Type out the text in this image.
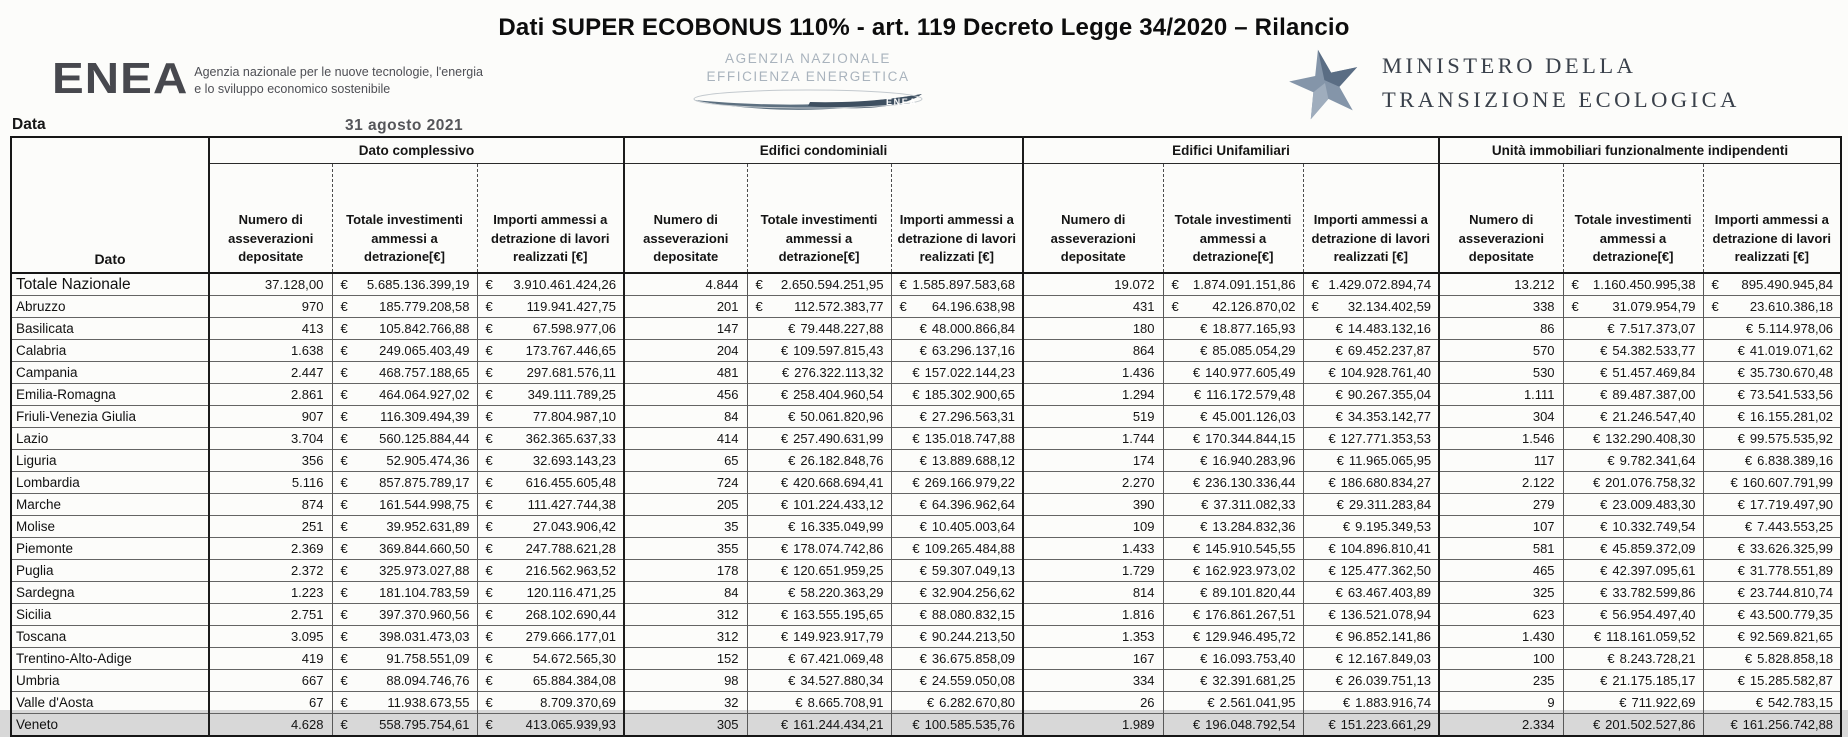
Dati SUPER ECOBONUS 110% - art. 119 Decreto Legge 34/2020 – Rilancio
ENEA Agenzia nazionale per le nuove tecnologie, l'energia
e lo sviluppo economico sostenibile
AGENZIA NAZIONALE
EFFICIENZA ENERGETICA
ENEA
MINISTERO DELLA
TRANSIZIONE ECOLOGICA
Data	31 agosto 2021
Dato	Dato complessivo			Edifici condominiali			Edifici Unifamiliari			Unità immobiliari funzionalmente indipendenti		
	Numero di asseverazioni depositate	Totale investimenti ammessi a detrazione[€]	Importi ammessi a detrazione di lavori realizzati [€]	Numero di asseverazioni depositate	Totale investimenti ammessi a detrazione[€]	Importi ammessi a detrazione di lavori realizzati [€]	Numero di asseverazioni depositate	Totale investimenti ammessi a detrazione[€]	Importi ammessi a detrazione di lavori realizzati [€]	Numero di asseverazioni depositate	Totale investimenti ammessi a detrazione[€]	Importi ammessi a detrazione di lavori realizzati [€]
Totale Nazionale	37.128,00	€ 5.685.136.399,19	€ 3.910.461.424,26	4.844	€ 2.650.594.251,95	€ 1.585.897.583,68	19.072	€ 1.874.091.151,86	€ 1.429.072.894,74	13.212	€ 1.160.450.995,38	€ 895.490.945,84

Abruzzo	970	€ 185.779.208,58	€ 119.941.427,75	201	€ 112.572.383,77	€ 64.196.638,98	431	€ 42.126.870,02	€ 32.134.402,59	338	€ 31.079.954,79	€ 23.610.386,18

Basilicata	413	€ 105.842.766,88	€ 67.598.977,06	147	€ 79.448.227,88	€ 48.000.866,84	180	€ 18.877.165,93	€ 14.483.132,16	86	€ 7.517.373,07	€ 5.114.978,06

Calabria	1.638	€ 249.065.403,49	€ 173.767.446,65	204	€ 109.597.815,43	€ 63.296.137,16	864	€ 85.085.054,29	€ 69.452.237,87	570	€ 54.382.533,77	€ 41.019.071,62

Campania	2.447	€ 468.757.188,65	€ 297.681.576,11	481	€ 276.322.113,32	€ 157.022.144,23	1.436	€ 140.977.605,49	€ 104.928.761,40	530	€ 51.457.469,84	€ 35.730.670,48

Emilia-Romagna	2.861	€ 464.064.927,02	€ 349.111.789,25	456	€ 258.404.960,54	€ 185.302.900,65	1.294	€ 116.172.579,48	€ 90.267.355,04	1.111	€ 89.487.387,00	€ 73.541.533,56

Friuli-Venezia Giulia	907	€ 116.309.494,39	€ 77.804.987,10	84	€ 50.061.820,96	€ 27.296.563,31	519	€ 45.001.126,03	€ 34.353.142,77	304	€ 21.246.547,40	€ 16.155.281,02

Lazio	3.704	€ 560.125.884,44	€ 362.365.637,33	414	€ 257.490.631,99	€ 135.018.747,88	1.744	€ 170.344.844,15	€ 127.771.353,53	1.546	€ 132.290.408,30	€ 99.575.535,92

Liguria	356	€ 52.905.474,36	€ 32.693.143,23	65	€ 26.182.848,76	€ 13.889.688,12	174	€ 16.940.283,96	€ 11.965.065,95	117	€ 9.782.341,64	€ 6.838.389,16

Lombardia	5.116	€ 857.875.789,17	€ 616.455.605,48	724	€ 420.668.694,41	€ 269.166.979,22	2.270	€ 236.130.336,44	€ 186.680.834,27	2.122	€ 201.076.758,32	€ 160.607.791,99

Marche	874	€ 161.544.998,75	€ 111.427.744,38	205	€ 101.224.433,12	€ 64.396.962,64	390	€ 37.311.082,33	€ 29.311.283,84	279	€ 23.009.483,30	€ 17.719.497,90

Molise	251	€ 39.952.631,89	€ 27.043.906,42	35	€ 16.335.049,99	€ 10.405.003,64	109	€ 13.284.832,36	€ 9.195.349,53	107	€ 10.332.749,54	€ 7.443.553,25

Piemonte	2.369	€ 369.844.660,50	€ 247.788.621,28	355	€ 178.074.742,86	€ 109.265.484,88	1.433	€ 145.910.545,55	€ 104.896.810,41	581	€ 45.859.372,09	€ 33.626.325,99

Puglia	2.372	€ 325.973.027,88	€ 216.562.963,52	178	€ 120.651.959,25	€ 59.307.049,13	1.729	€ 162.923.973,02	€ 125.477.362,50	465	€ 42.397.095,61	€ 31.778.551,89

Sardegna	1.223	€ 181.104.783,59	€ 120.116.471,25	84	€ 58.220.363,29	€ 32.904.256,62	814	€ 89.101.820,44	€ 63.467.403,89	325	€ 33.782.599,86	€ 23.744.810,74

Sicilia	2.751	€ 397.370.960,56	€ 268.102.690,44	312	€ 163.555.195,65	€ 88.080.832,15	1.816	€ 176.861.267,51	€ 136.521.078,94	623	€ 56.954.497,40	€ 43.500.779,35

Toscana	3.095	€ 398.031.473,03	€ 279.666.177,01	312	€ 149.923.917,79	€ 90.244.213,50	1.353	€ 129.946.495,72	€ 96.852.141,86	1.430	€ 118.161.059,52	€ 92.569.821,65

Trentino-Alto-Adige	419	€ 91.758.551,09	€ 54.672.565,30	152	€ 67.421.069,48	€ 36.675.858,09	167	€ 16.093.753,40	€ 12.167.849,03	100	€ 8.243.728,21	€ 5.828.858,18

Umbria	667	€ 88.094.746,76	€ 65.884.384,08	98	€ 34.527.880,34	€ 24.559.050,08	334	€ 32.391.681,25	€ 26.039.751,13	235	€ 21.175.185,17	€ 15.285.582,87

Valle d'Aosta	67	€ 11.938.673,55	€ 8.709.370,69	32	€ 8.665.708,91	€ 6.282.670,80	26	€ 2.561.041,95	€ 1.883.916,74	9	€ 711.922,69	€ 542.783,15

Veneto	4.628	€ 558.795.754,61	€ 413.065.939,93	305	€ 161.244.434,21	€ 100.585.535,76	1.989	€ 196.048.792,54	€ 151.223.661,29	2.334	€ 201.502.527,86	€ 161.256.742,88
